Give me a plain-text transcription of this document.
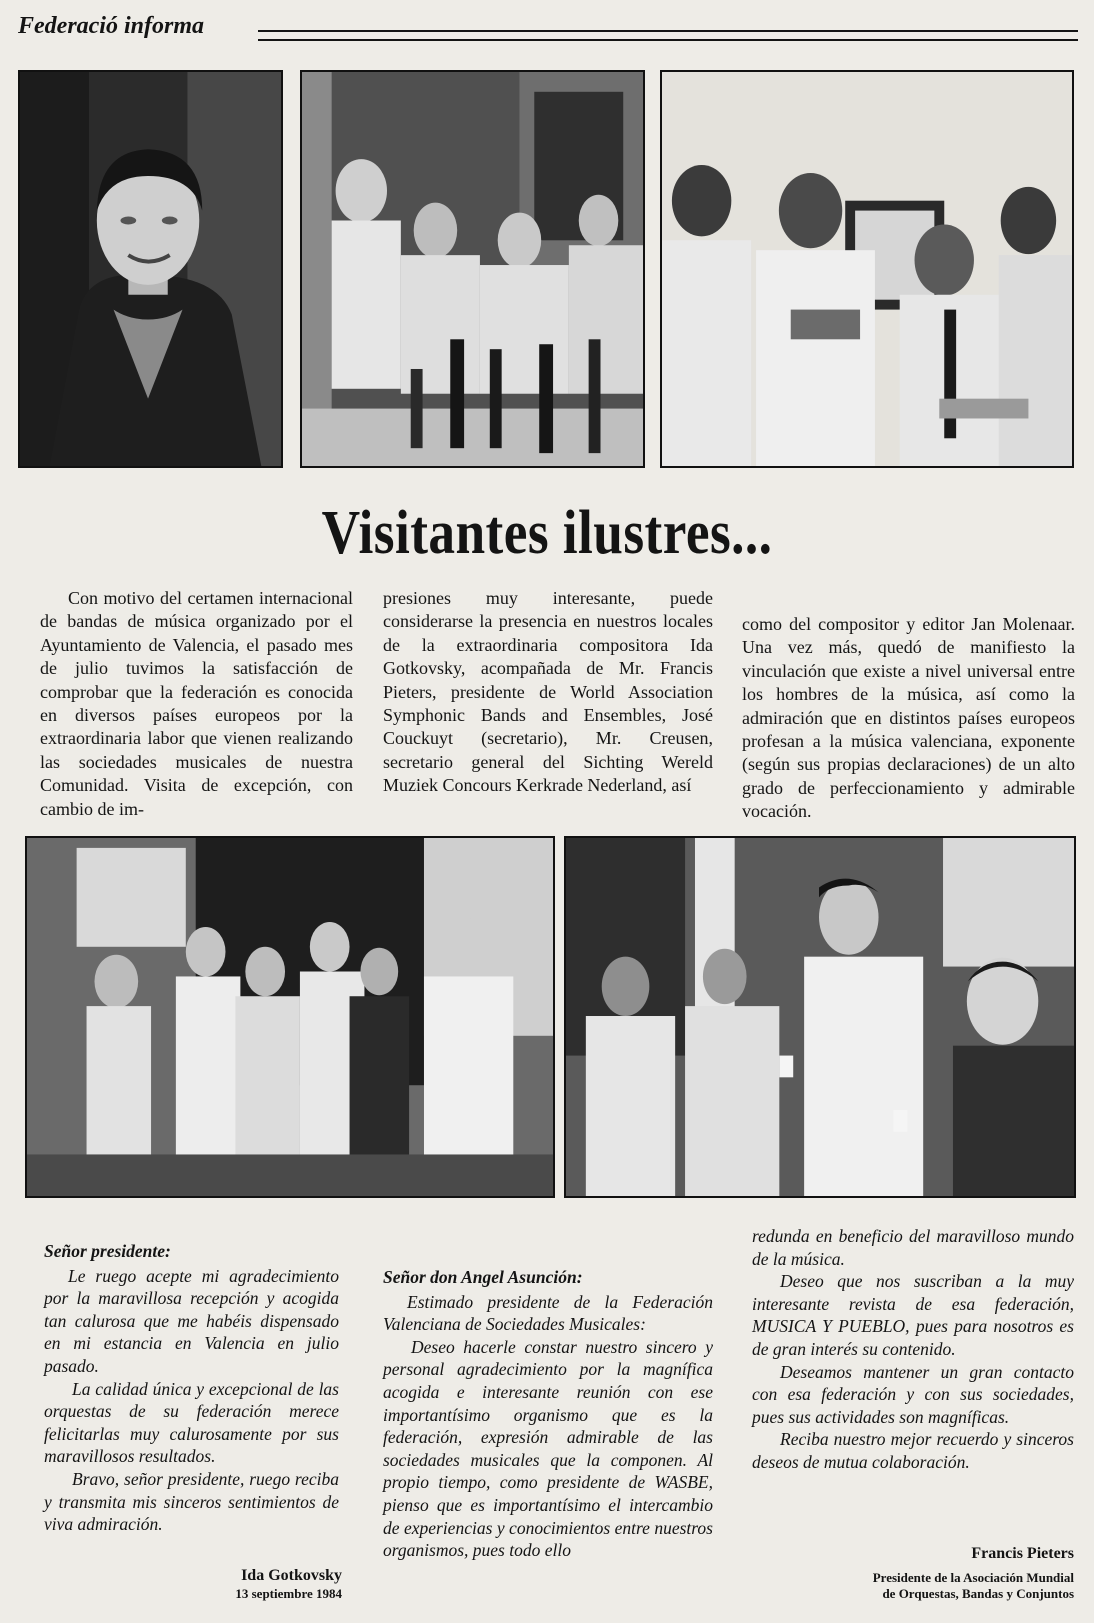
Federació informa
Visitantes ilustres...

Con motivo del certamen internacional de bandas de música organizado por el Ayuntamiento de Valencia, el pasado mes de julio tuvimos la satisfacción de comprobar que la federación es conocida en diversos países europeos por la extraordinaria labor que vienen realizando las sociedades musicales de nuestra Comunidad. Visita de excepción, con cambio de im-

presiones muy interesante, puede considerarse la presencia en nuestros locales de la extraordinaria compositora Ida Gotkovsky, acompañada de Mr. Francis Pieters, presidente de World Association Symphonic Bands and Ensembles, José Couckuyt (secretario), Mr. Creusen, secretario general del Sichting Wereld Muziek Concours Kerkrade Nederland, así

como del compositor y editor Jan Molenaar. Una vez más, quedó de manifiesto la vinculación que existe a nivel universal entre los hombres de la música, así como la admiración que en distintos países europeos profesan a la música valenciana, exponente (según sus propias declaraciones) de un alto grado de perfeccionamiento y admirable vocación.

Señor presidente:

Le ruego acepte mi agradecimiento por la maravillosa recepción y acogida tan calurosa que me habéis dispensado en mi estancia en Valencia en julio pasado.

La calidad única y excepcional de las orquestas de su federación merece felicitarlas muy calurosamente por sus maravillosos resultados.

Bravo, señor presidente, ruego reciba y transmita mis sinceros sentimientos de viva admiración.

Ida Gotkovsky
13 septiembre 1984
Señor don Angel Asunción:

Estimado presidente de la Federación Valenciana de Sociedades Musicales:

Deseo hacerle constar nuestro sincero y personal agradecimiento por la magnífica acogida e interesante reunión con ese importantísimo organismo que es la federación, expresión admirable de las sociedades musicales que la componen. Al propio tiempo, como presidente de WASBE, pienso que es importantísimo el intercambio de experiencias y conocimientos entre nuestros organismos, pues todo ello

redunda en beneficio del maravilloso mundo de la música.

Deseo que nos suscriban a la muy interesante revista de esa federación, MUSICA Y PUEBLO, pues para nosotros es de gran interés su contenido.

Deseamos mantener un gran contacto con esa federación y con sus sociedades, pues sus actividades son magníficas.

Reciba nuestro mejor recuerdo y sinceros deseos de mutua colaboración.

Francis Pieters
Presidente de la Asociación Mundial
de Orquestas, Bandas y Conjuntos
